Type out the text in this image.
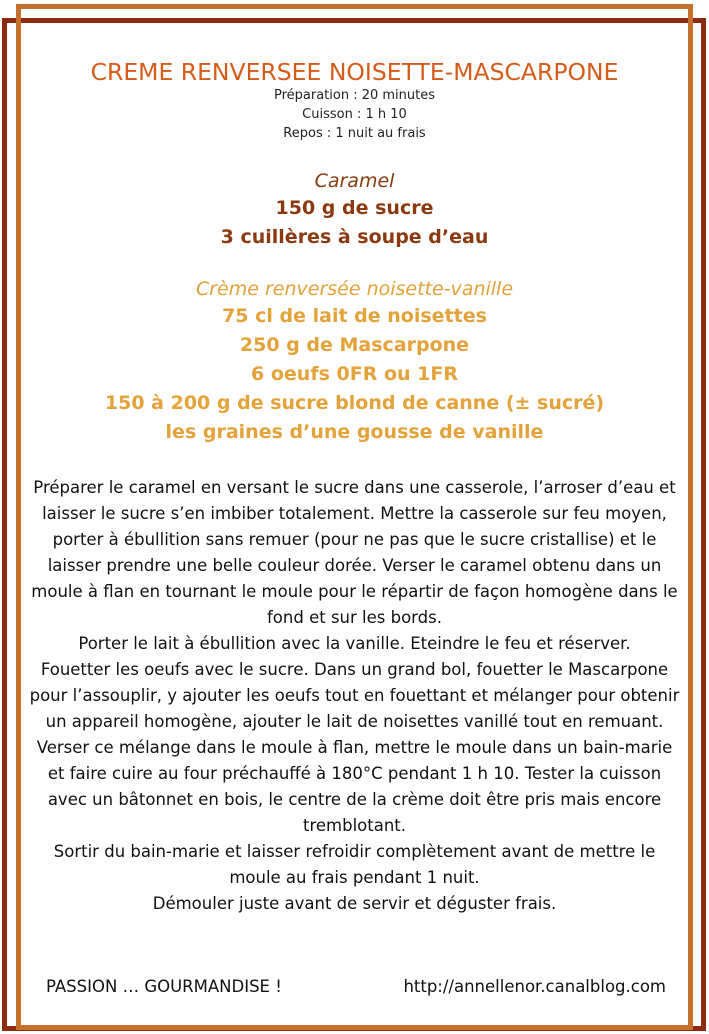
CREME RENVERSEE NOISETTE-MASCARPONE
Préparation : 20 minutes
Cuisson : 1 h 10
Repos : 1 nuit au frais
Caramel
150 g de sucre
3 cuillères à soupe d’eau
Crème renversée noisette-vanille
75 cl de lait de noisettes
250 g de Mascarpone
6 oeufs 0FR ou 1FR
150 à 200 g de sucre blond de canne (± sucré)
les graines d’une gousse de vanille
Préparer le caramel en versant le sucre dans une casserole, l’arroser d’eau et laisser le sucre s’en imbiber totalement. Mettre la casserole sur feu moyen, porter à ébullition sans remuer (pour ne pas que le sucre cristallise) et le laisser prendre une belle couleur dorée. Verser le caramel obtenu dans un moule à flan en tournant le moule pour le répartir de façon homogène dans le fond et sur les bords.
Porter le lait à ébullition avec la vanille. Eteindre le feu et réserver.
Fouetter les oeufs avec le sucre. Dans un grand bol, fouetter le Mascarpone pour l’assouplir, y ajouter les oeufs tout en fouettant et mélanger pour obtenir un appareil homogène, ajouter le lait de noisettes vanillé tout en remuant. Verser ce mélange dans le moule à flan, mettre le moule dans un bain-marie et faire cuire au four préchauffé à 180°C pendant 1 h 10. Tester la cuisson avec un bâtonnet en bois, le centre de la crème doit être pris mais encore tremblotant.
Sortir du bain-marie et laisser refroidir complètement avant de mettre le moule au frais pendant 1 nuit.
Démouler juste avant de servir et déguster frais.
PASSION … GOURMANDISE !	http://annellenor.canalblog.com
